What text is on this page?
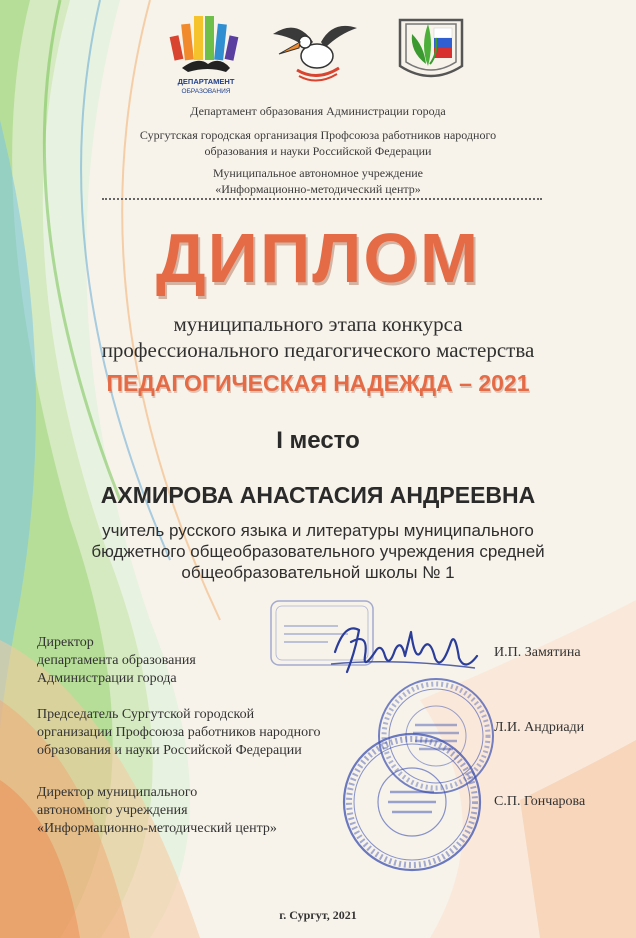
ДЕПАРТАМЕНТ
ОБРАЗОВАНИЯ
Департамент образования Администрации города
Сургутская городская организация Профсоюза работников народного
образования и науки Российской Федерации
Муниципальное автономное учреждение
«Информационно-методический центр»
ДИПЛОМ
муниципального этапа конкурса
профессионального педагогического мастерства
ПЕДАГОГИЧЕСКАЯ НАДЕЖДА – 2021
I место
АХМИРОВА АНАСТАСИЯ АНДРЕЕВНА
учитель русского языка и литературы муниципального
бюджетного общеобразовательного учреждения средней
общеобразовательной школы № 1
Директор
департамента образования
Администрации города
И.П. Замятина
Председатель Сургутской городской
организации Профсоюза работников народного
образования и науки Российской Федерации
Л.И. Андриади
Директор муниципального
автономного учреждения
«Информационно-методический центр»
С.П. Гончарова
г. Сургут, 2021
